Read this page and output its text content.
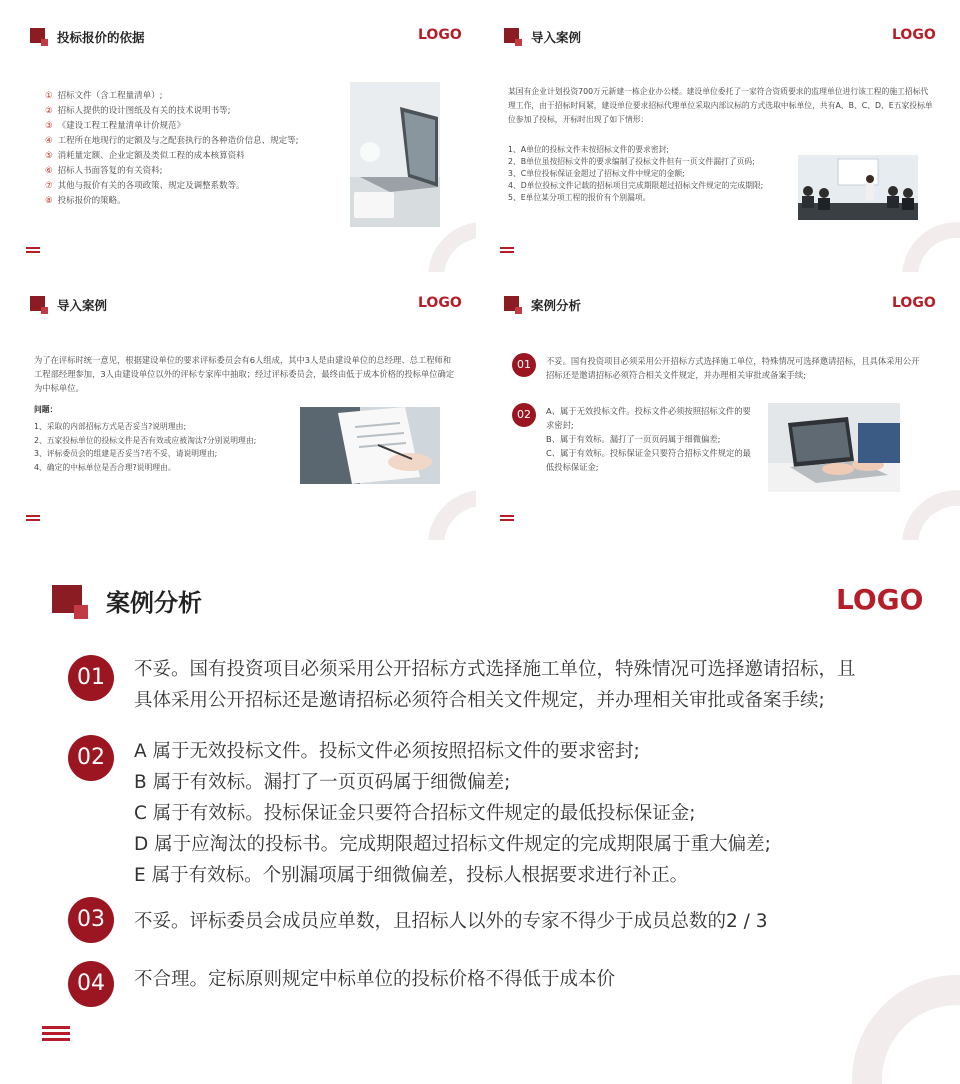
投标报价的依据	LOGO
① 招标文件（含工程量清单）;
② 招标人提供的设计图纸及有关的技术说明书等;
③ 《建设工程工程量清单计价规范》
④ 工程所在地现行的定额及与之配套执行的各种造价信息、规定等;
⑤ 消耗量定额、企业定额及类似工程的成本核算资料
⑥ 招标人书面答复的有关资料;
⑦ 其他与报价有关的各项政策、规定及调整系数等。
⑧ 投标报价的策略。
导入案例	LOGO
某国有企业计划投资700万元新建一栋企业办公楼。建设单位委托了一家符合资质要求的监理单位进行该工程的施工招标代理工作，由于招标时间紧，建设单位要求招标代理单位采取内部议标的方式选取中标单位，共有A、B、C、D、E五家投标单位参加了投标，开标时出现了如下情形：
1、A单位的投标文件未按招标文件的要求密封;
2、B单位虽按招标文件的要求编制了投标文件但有一页文件漏打了页码;
3、C单位投标保证金超过了招标文件中规定的金额;
4、D单位投标文件记载的招标项目完成期限超过招标文件规定的完成期限;
5、E单位某分项工程的报价有个别漏项。
导入案例	LOGO
为了在评标时统一意见，根据建设单位的要求评标委员会有6人组成，其中3人是由建设单位的总经理、总工程师和工程部经理参加，3人由建设单位以外的评标专家库中抽取；经过评标委员会，最终由低于成本价格的投标单位确定为中标单位。
问题：
1、采取的内部招标方式是否妥当?说明理由;
2、五家投标单位的投标文件是否有效或应被淘汰?分别说明理由;
3、评标委员会的组建是否妥当?若不妥，请说明理由;
4、确定的中标单位是否合理?说明理由。
案例分析	LOGO
01	不妥。国有投资项目必须采用公开招标方式选择施工单位，特殊情况可选择邀请招标，且具体采用公开招标还是邀请招标必须符合相关文件规定，并办理相关审批或备案手续;
02	A、属于无效投标文件。投标文件必须按照招标文件的要求密封;
B、属于有效标。漏打了一页页码属于细微偏差;
C、属于有效标。投标保证金只要符合招标文件规定的最低投标保证金;
案例分析	LOGO
01	不妥。国有投资项目必须采用公开招标方式选择施工单位，特殊情况可选择邀请招标，且
具体采用公开招标还是邀请招标必须符合相关文件规定，并办理相关审批或备案手续;
02	A 属于无效投标文件。投标文件必须按照招标文件的要求密封;
B 属于有效标。漏打了一页页码属于细微偏差;
C 属于有效标。投标保证金只要符合招标文件规定的最低投标保证金;
D 属于应淘汰的投标书。完成期限超过招标文件规定的完成期限属于重大偏差;
E 属于有效标。个别漏项属于细微偏差，投标人根据要求进行补正。
03	不妥。评标委员会成员应单数，且招标人以外的专家不得少于成员总数的2 / 3
04	不合理。定标原则规定中标单位的投标价格不得低于成本价
